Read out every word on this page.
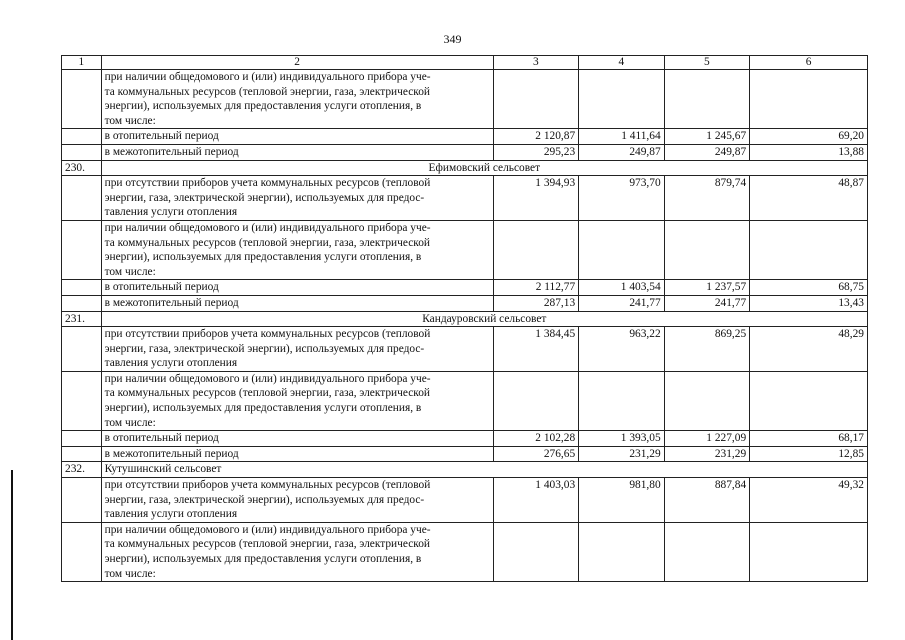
349
1	2	3	4	5	6
	при наличии общедомового и (или) индивидуального прибора уче-
та коммунальных ресурсов (тепловой энергии, газа, электрической
энергии), используемых для предоставления услуги отопления, в
том числе:				
	в отопительный период	2 120,87	1 411,64	1 245,67	69,20
	в межотопительный период	295,23	249,87	249,87	13,88
230.	Ефимовский сельсовет				
	при отсутствии приборов учета коммунальных ресурсов (тепловой
энергии, газа, электрической энергии), используемых для предос-
тавления услуги отопления	1 394,93	973,70	879,74	48,87
	при наличии общедомового и (или) индивидуального прибора уче-
та коммунальных ресурсов (тепловой энергии, газа, электрической
энергии), используемых для предоставления услуги отопления, в
том числе:				
	в отопительный период	2 112,77	1 403,54	1 237,57	68,75
	в межотопительный период	287,13	241,77	241,77	13,43
231.	Кандауровский сельсовет				
	при отсутствии приборов учета коммунальных ресурсов (тепловой
энергии, газа, электрической энергии), используемых для предос-
тавления услуги отопления	1 384,45	963,22	869,25	48,29
	при наличии общедомового и (или) индивидуального прибора уче-
та коммунальных ресурсов (тепловой энергии, газа, электрической
энергии), используемых для предоставления услуги отопления, в
том числе:				
	в отопительный период	2 102,28	1 393,05	1 227,09	68,17
	в межотопительный период	276,65	231,29	231,29	12,85
232.	Кутушинский сельсовет				
	при отсутствии приборов учета коммунальных ресурсов (тепловой
энергии, газа, электрической энергии), используемых для предос-
тавления услуги отопления	1 403,03	981,80	887,84	49,32
	при наличии общедомового и (или) индивидуального прибора уче-
та коммунальных ресурсов (тепловой энергии, газа, электрической
энергии), используемых для предоставления услуги отопления, в
том числе:				
